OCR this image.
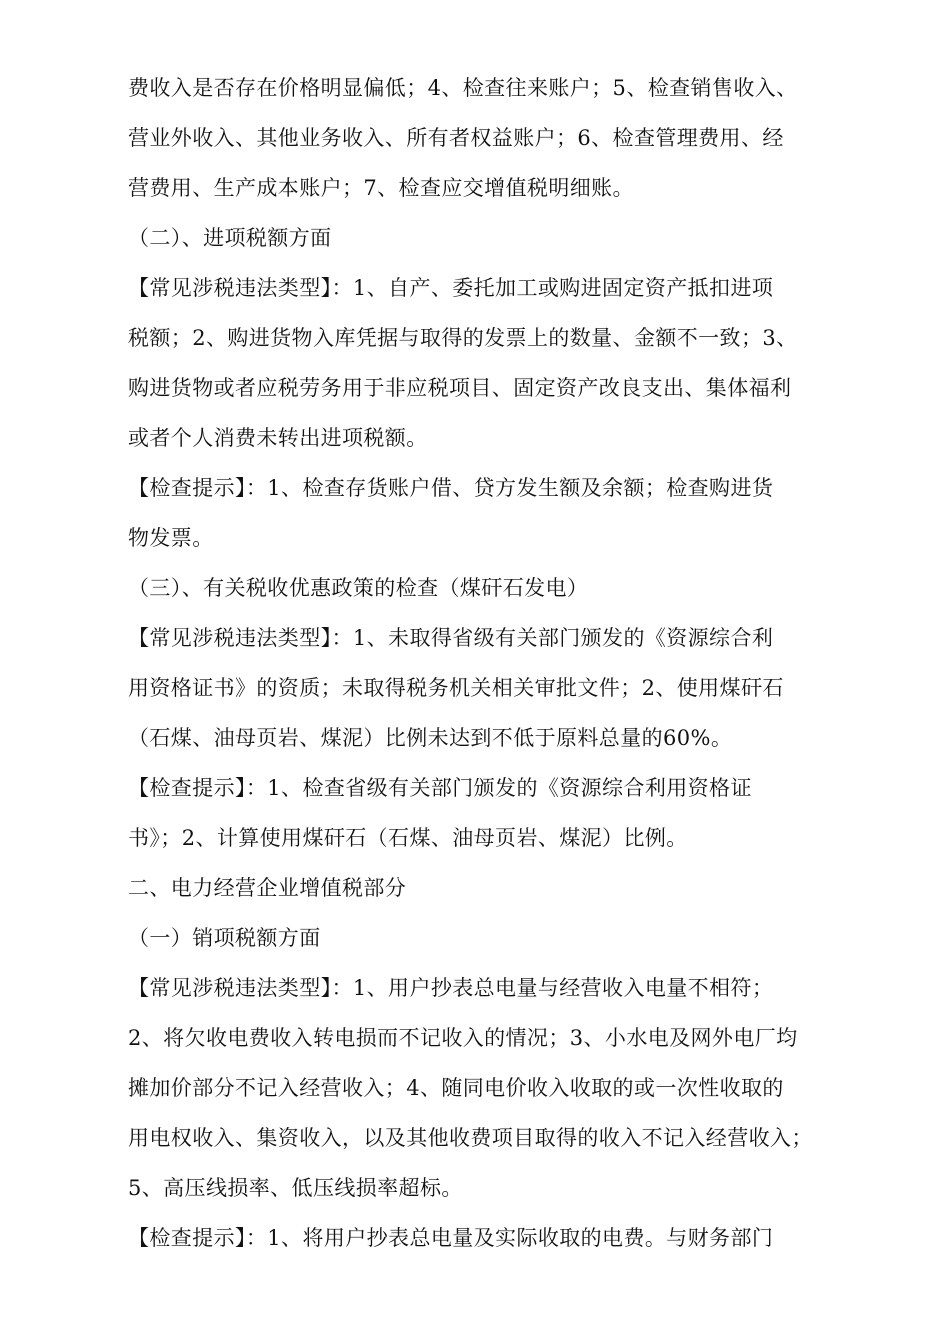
费收入是否存在价格明显偏低；4、检查往来账户；5、检查销售收入、
营业外收入、其他业务收入、所有者权益账户；6、检查管理费用、经
营费用、生产成本账户；7、检查应交增值税明细账。
（二）、进项税额方面
【常见涉税违法类型】：1、自产、委托加工或购进固定资产抵扣进项
税额；2、购进货物入库凭据与取得的发票上的数量、金额不一致；3、
购进货物或者应税劳务用于非应税项目、固定资产改良支出、集体福利
或者个人消费未转出进项税额。
【检查提示】：1、检查存货账户借、贷方发生额及余额；检查购进货
物发票。
（三）、有关税收优惠政策的检查（煤矸石发电）
【常见涉税违法类型】：1、未取得省级有关部门颁发的《资源综合利
用资格证书》的资质；未取得税务机关相关审批文件；2、使用煤矸石
（石煤、油母页岩、煤泥）比例未达到不低于原料总量的60%。
【检查提示】：1、检查省级有关部门颁发的《资源综合利用资格证
书》；2、计算使用煤矸石（石煤、油母页岩、煤泥）比例。
二、电力经营企业增值税部分
（一）销项税额方面
【常见涉税违法类型】：1、用户抄表总电量与经营收入电量不相符；
2、将欠收电费收入转电损而不记收入的情况；3、小水电及网外电厂均
摊加价部分不记入经营收入；4、随同电价收入收取的或一次性收取的
用电权收入、集资收入，以及其他收费项目取得的收入不记入经营收入；
5、高压线损率、低压线损率超标。
【检查提示】：1、将用户抄表总电量及实际收取的电费。与财务部门
